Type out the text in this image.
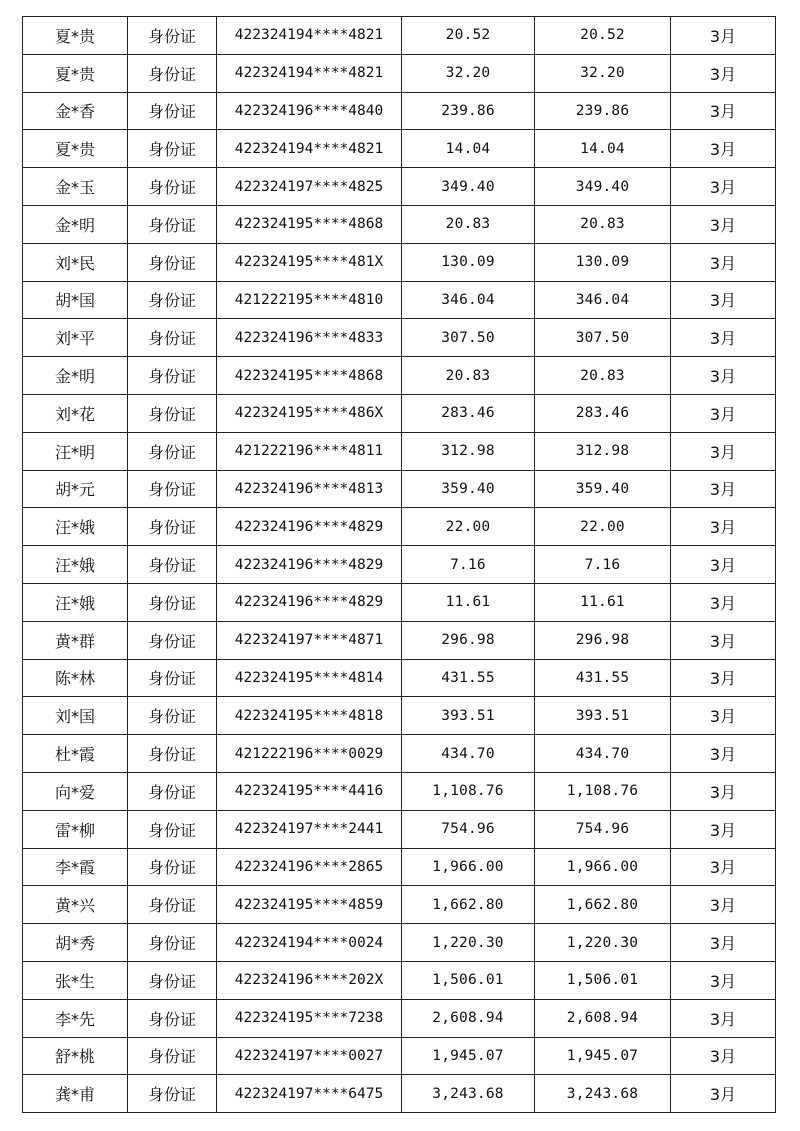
夏*贵	身份证	422324194****4821	20.52	20.52	3月
夏*贵	身份证	422324194****4821	32.20	32.20	3月
金*香	身份证	422324196****4840	239.86	239.86	3月
夏*贵	身份证	422324194****4821	14.04	14.04	3月
金*玉	身份证	422324197****4825	349.40	349.40	3月
金*明	身份证	422324195****4868	20.83	20.83	3月
刘*民	身份证	422324195****481X	130.09	130.09	3月
胡*国	身份证	421222195****4810	346.04	346.04	3月
刘*平	身份证	422324196****4833	307.50	307.50	3月
金*明	身份证	422324195****4868	20.83	20.83	3月
刘*花	身份证	422324195****486X	283.46	283.46	3月
汪*明	身份证	421222196****4811	312.98	312.98	3月
胡*元	身份证	422324196****4813	359.40	359.40	3月
汪*娥	身份证	422324196****4829	22.00	22.00	3月
汪*娥	身份证	422324196****4829	7.16	7.16	3月
汪*娥	身份证	422324196****4829	11.61	11.61	3月
黄*群	身份证	422324197****4871	296.98	296.98	3月
陈*林	身份证	422324195****4814	431.55	431.55	3月
刘*国	身份证	422324195****4818	393.51	393.51	3月
杜*霞	身份证	421222196****0029	434.70	434.70	3月
向*爱	身份证	422324195****4416	1,108.76	1,108.76	3月
雷*柳	身份证	422324197****2441	754.96	754.96	3月
李*霞	身份证	422324196****2865	1,966.00	1,966.00	3月
黄*兴	身份证	422324195****4859	1,662.80	1,662.80	3月
胡*秀	身份证	422324194****0024	1,220.30	1,220.30	3月
张*生	身份证	422324196****202X	1,506.01	1,506.01	3月
李*先	身份证	422324195****7238	2,608.94	2,608.94	3月
舒*桃	身份证	422324197****0027	1,945.07	1,945.07	3月
龚*甫	身份证	422324197****6475	3,243.68	3,243.68	3月
